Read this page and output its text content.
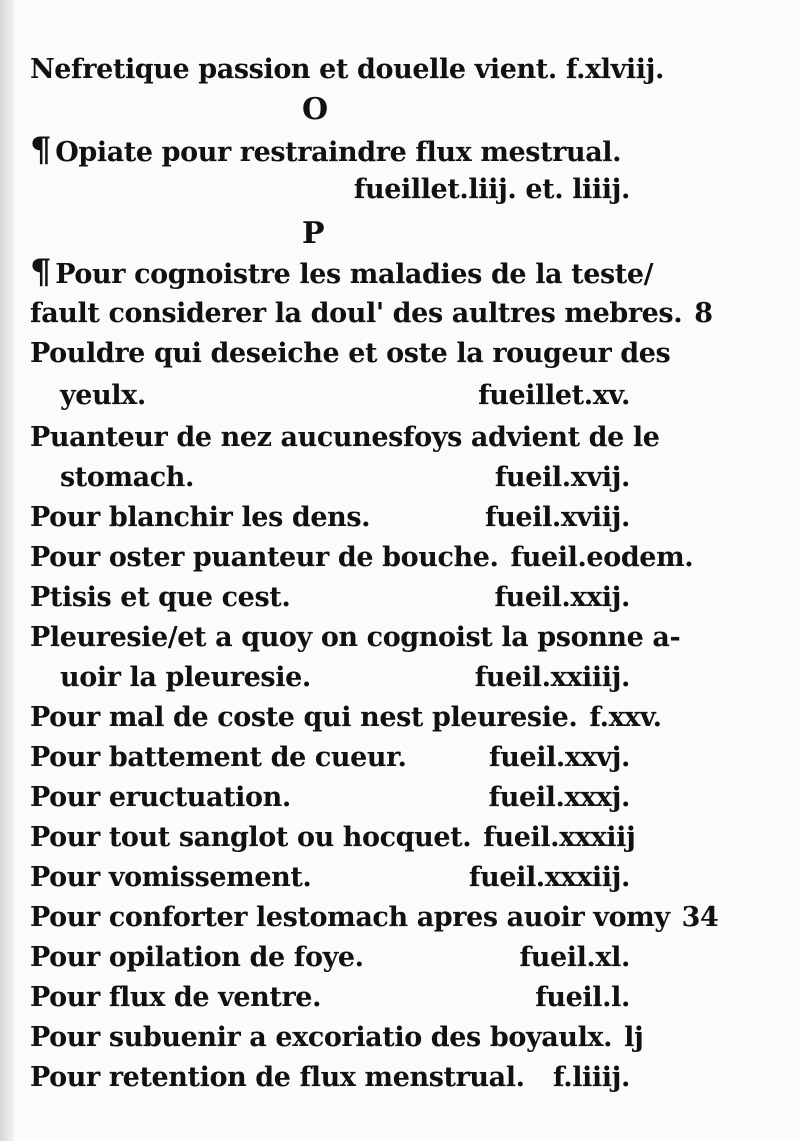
Nefretique passion et douelle vient. f.xlviij.
O
¶ Opiate pour restraindre flux mestrual.
fueillet.liij. et. liiij.
P
¶ Pour cognoistre les maladies de la teste/
fault considerer la doul' des aultres mebres. 8
Pouldre qui deseiche et oste la rougeur des
yeulx.	fueillet.xv.
Puanteur de nez aucunesfoys advient de le
stomach.	fueil.xvij.
Pour blanchir les dens.	fueil.xviij.
Pour oster puanteur de bouche. fueil.eodem.
Ptisis et que cest.	fueil.xxij.
Pleuresie/et a quoy on cognoist la psonne a-
uoir la pleuresie.	fueil.xxiiij.
Pour mal de coste qui nest pleuresie. f.xxv.
Pour battement de cueur.	fueil.xxvj.
Pour eructuation.	fueil.xxxj.
Pour tout sanglot ou hocquet. fueil.xxxiij
Pour vomissement.	fueil.xxxiij.
Pour conforter lestomach apres auoir vomy 34
Pour opilation de foye.	fueil.xl.
Pour flux de ventre.	fueil.l.
Pour subuenir a excoriatio des boyaulx. lj
Pour retention de flux menstrual. f.liiij.
